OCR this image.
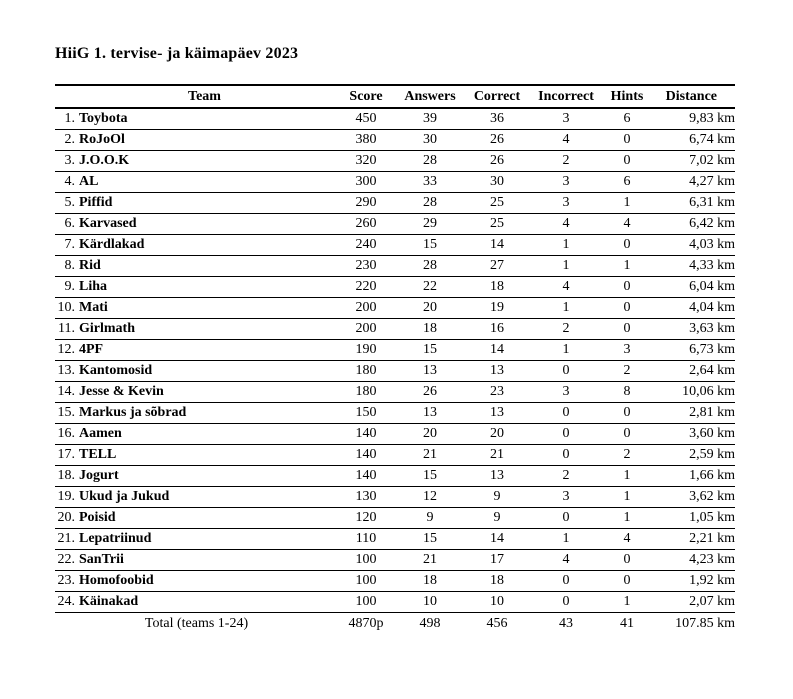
HiiG 1. tervise- ja käimapäev 2023
Team		Score	Answers	Correct	Incorrect	Hints	Distance
1.	Toybota	450	39	36	3	6	9,83 km
2.	RoJoOl	380	30	26	4	0	6,74 km
3.	J.O.O.K	320	28	26	2	0	7,02 km
4.	AL	300	33	30	3	6	4,27 km
5.	Piffid	290	28	25	3	1	6,31 km
6.	Karvased	260	29	25	4	4	6,42 km
7.	Kärdlakad	240	15	14	1	0	4,03 km
8.	Rid	230	28	27	1	1	4,33 km
9.	Liha	220	22	18	4	0	6,04 km
10.	Mati	200	20	19	1	0	4,04 km
11.	Girlmath	200	18	16	2	0	3,63 km
12.	4PF	190	15	14	1	3	6,73 km
13.	Kantomosid	180	13	13	0	2	2,64 km
14.	Jesse & Kevin	180	26	23	3	8	10,06 km
15.	Markus ja sõbrad	150	13	13	0	0	2,81 km
16.	Aamen	140	20	20	0	0	3,60 km
17.	TELL	140	21	21	0	2	2,59 km
18.	Jogurt	140	15	13	2	1	1,66 km
19.	Ukud ja Jukud	130	12	9	3	1	3,62 km
20.	Poisid	120	9	9	0	1	1,05 km
21.	Lepatriinud	110	15	14	1	4	2,21 km
22.	SanTrii	100	21	17	4	0	4,23 km
23.	Homofoobid	100	18	18	0	0	1,92 km
24.	Käinakad	100	10	10	0	1	2,07 km
Total (teams 1-24)		4870p	498	456	43	41	107.85 km
